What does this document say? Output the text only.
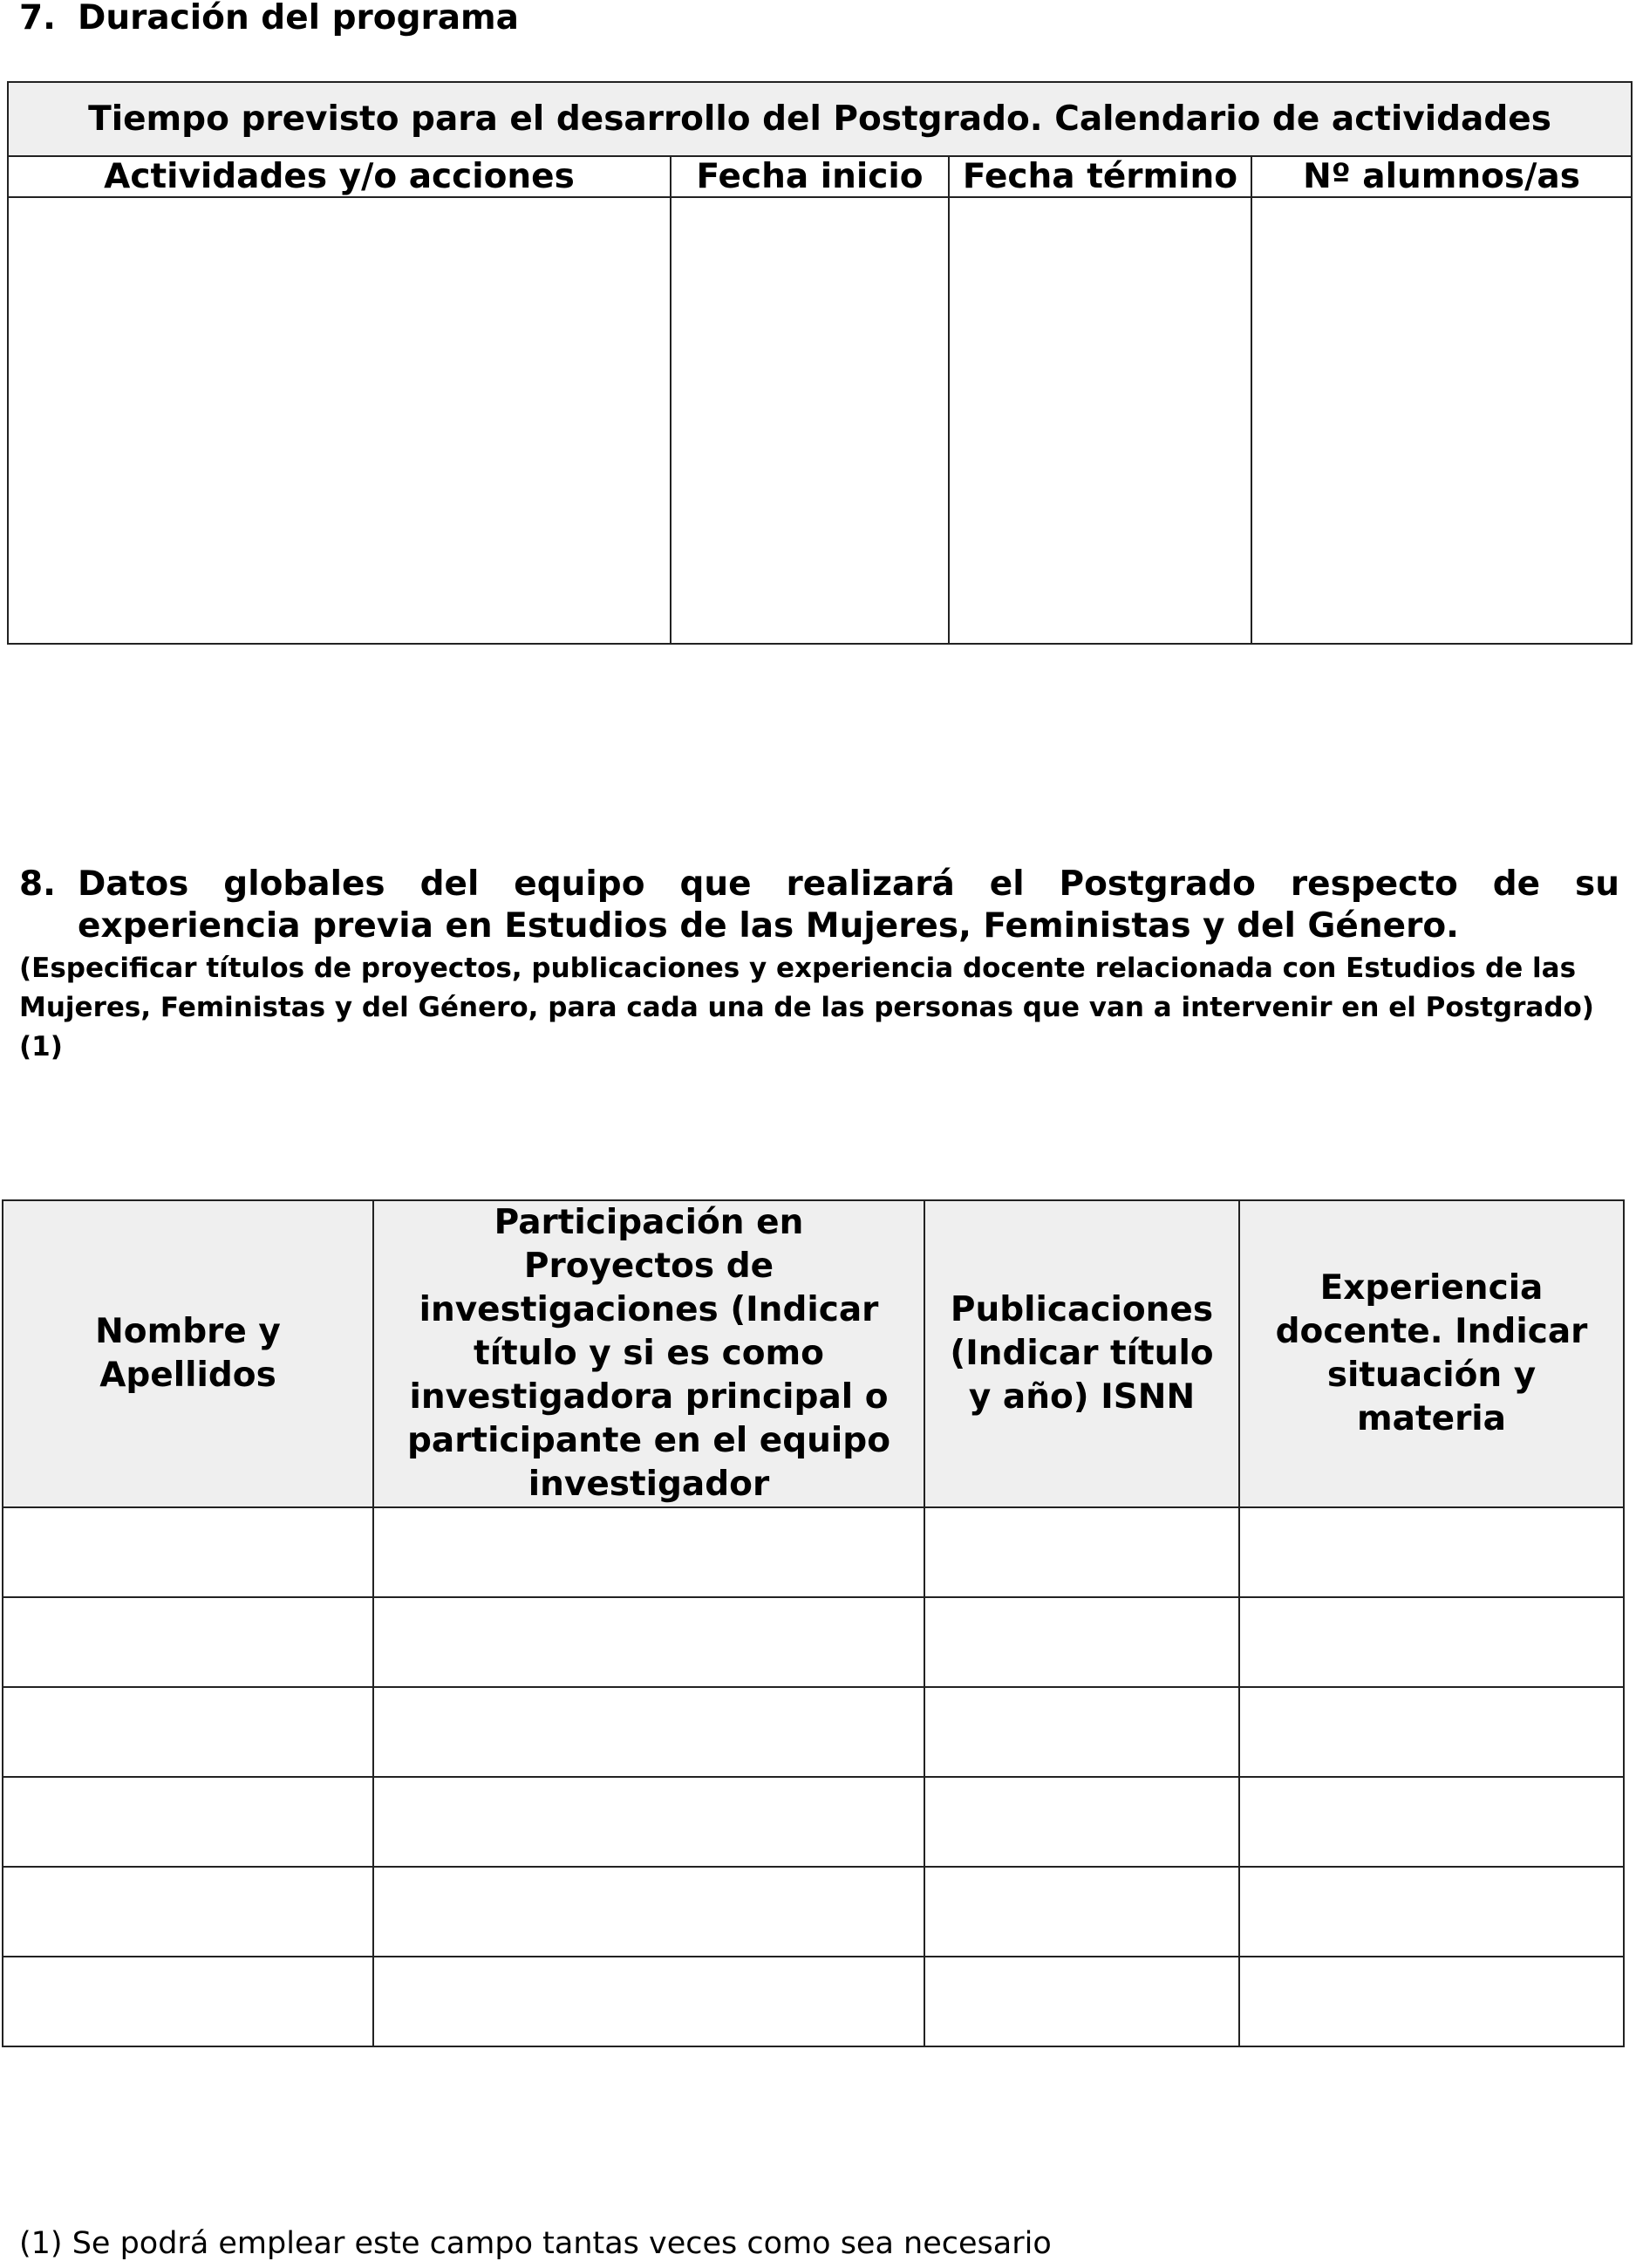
7. Duración del programa
Tiempo previsto para el desarrollo del Postgrado. Calendario de actividades			
Actividades y/o acciones	Fecha inicio	Fecha término	Nº alumnos/as

8. Datos globales del equipo que realizará el Postgrado respecto de su experiencia previa en Estudios de las Mujeres, Feministas y del Género.
(Especificar títulos de proyectos, publicaciones y experiencia docente relacionada con Estudios de las Mujeres, Feministas y del Género, para cada una de las personas que van a intervenir en el Postgrado) (1)
Nombre y Apellidos	Participación en Proyectos de investigaciones (Indicar título y si es como investigadora principal o participante en el equipo investigador	Publicaciones (Indicar título y año) ISNN	Experiencia docente. Indicar situación y materia

(1) Se podrá emplear este campo tantas veces como sea necesario
